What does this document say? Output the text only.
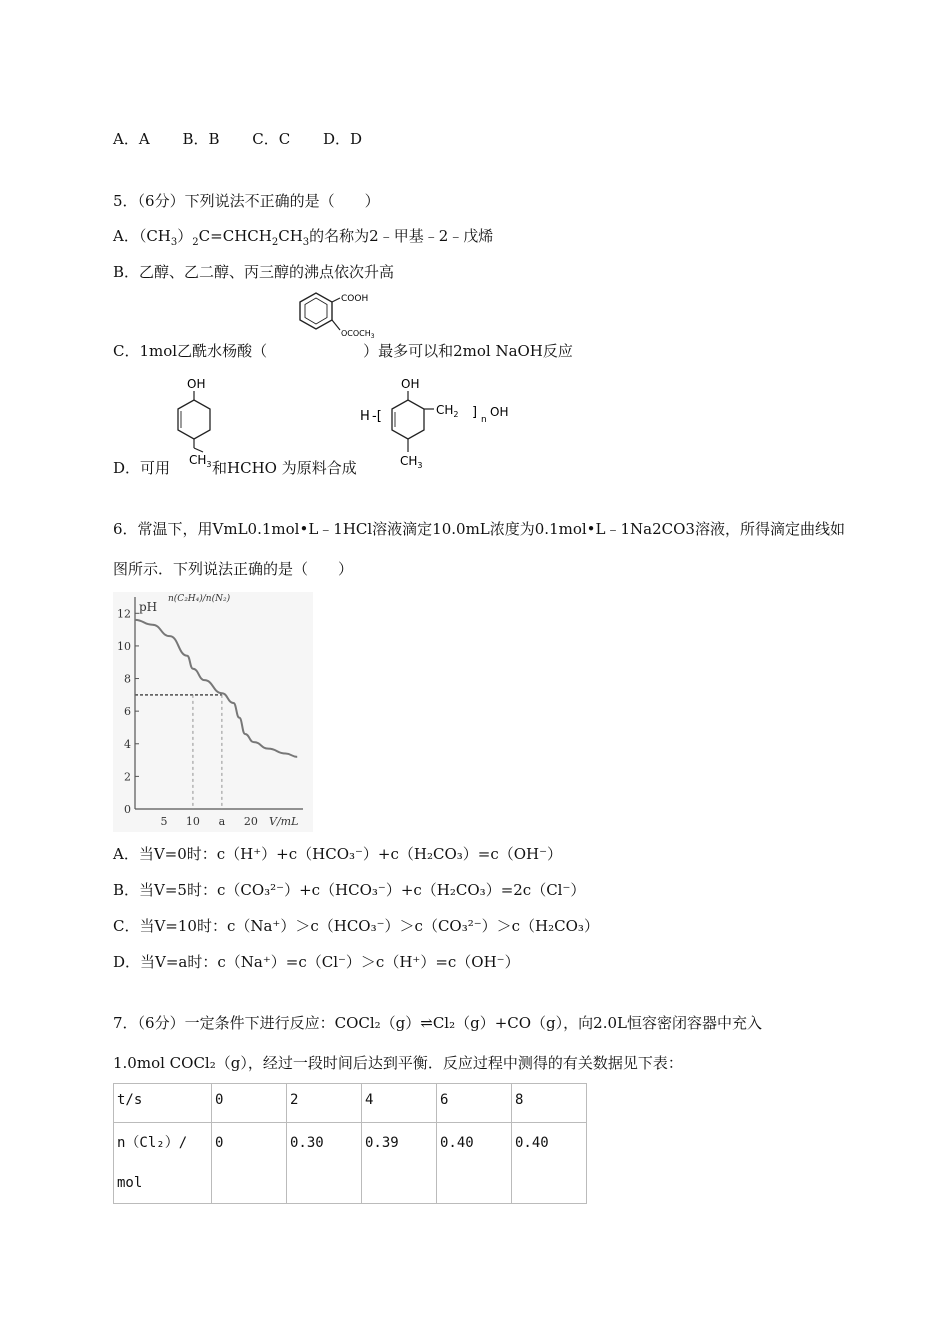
A．A B．B C．C D．D
5．（6分）下列说法不正确的是（　　）
A．$(CH_3)_2C=CHCH_2CH_3$的名称为2﹣甲基﹣2﹣戊烯
B．乙醇、乙二醇、丙三醇的沸点依次升高
C．1mol乙酰水杨酸（	）最多可以和2mol NaOH反应
COOH
$OCOCH_3$
D．可用	和HCHO 为原料合成
OH
$CH_3$
H -[
OH
$CH_3$
$CH_2$ ] n
OH
6．常温下，用VmL0.1mol•L﹣1HCl溶液滴定10.0mL浓度为0.1mol•L﹣1Na2CO3溶液，所得滴定曲线如
图所示．下列说法正确的是（　　）
n(C₂H₄)/n(N₂)
pH
V/mL
0
2
4
6
8
10
12
5 10 a 20
A．当V=0时：c（H⁺）+c（HCO₃⁻）+c（H₂CO₃）=c（OH⁻）
B．当V=5时：c（CO₃²⁻）+c（HCO₃⁻）+c（H₂CO₃）=2c（Cl⁻）
C．当V=10时：c（Na⁺）＞c（HCO₃⁻）＞c（CO₃²⁻）＞c（H₂CO₃）
D．当V=a时：c（Na⁺）=c（Cl⁻）＞c（H⁺）=c（OH⁻）
7．（6分）一定条件下进行反应：COCl₂（g）⇌Cl₂（g）+CO（g），向2.0L恒容密闭容器中充入
1.0mol COCl₂（g），经过一段时间后达到平衡．反应过程中测得的有关数据见下表：
t/s	0	2	4	6	8

n（Cl₂）/
mol	0	0.30	0.39	0.40	0.40
